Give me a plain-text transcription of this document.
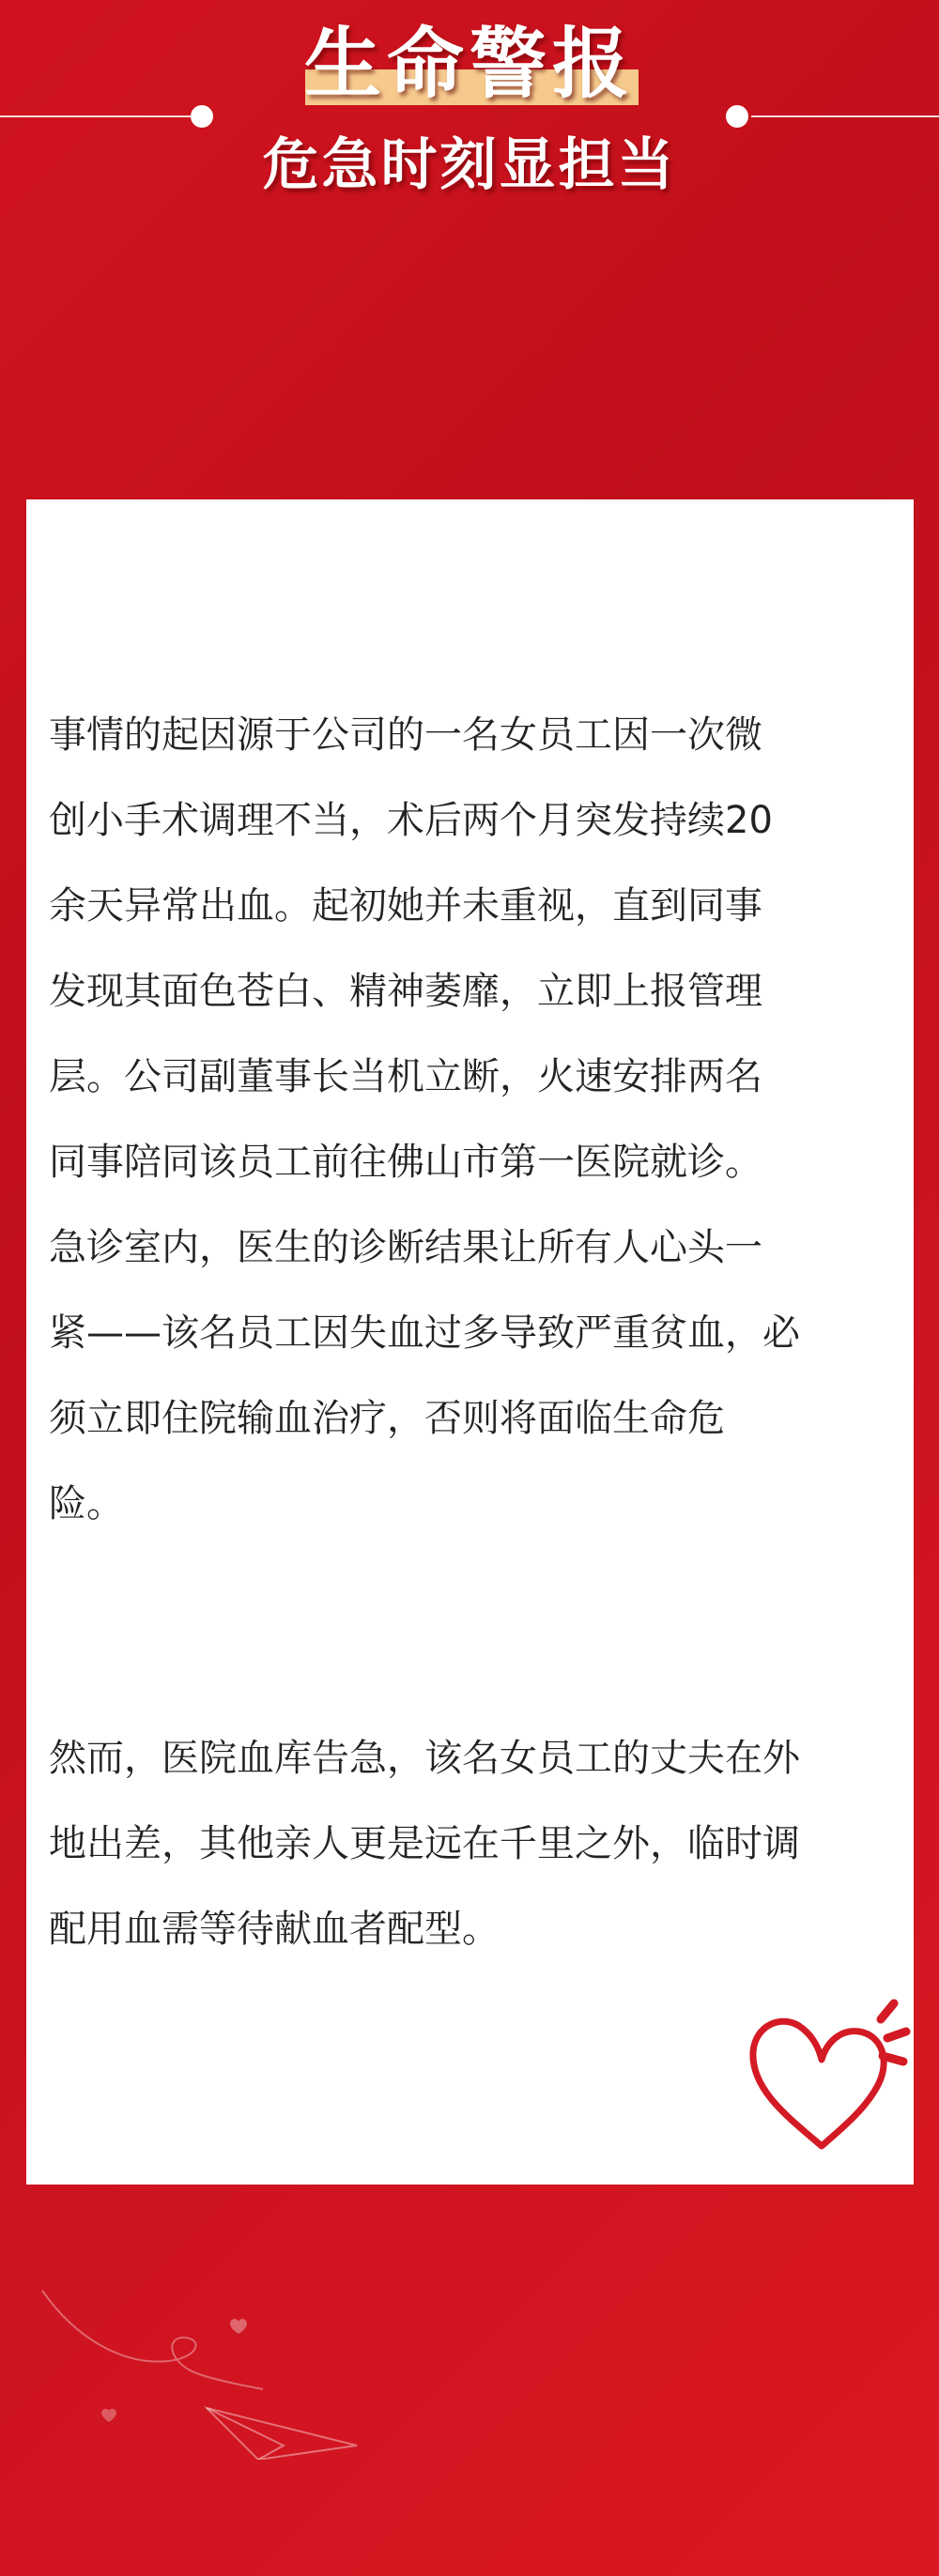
生命警报
危急时刻显担当

事情的起因源于公司的一名女员工因一次微
创小手术调理不当，术后两个月突发持续20
余天异常出血。起初她并未重视，直到同事
发现其面色苍白、精神萎靡，立即上报管理
层。公司副董事长当机立断，火速安排两名
同事陪同该员工前往佛山市第一医院就诊。
急诊室内，医生的诊断结果让所有人心头一
紧——该名员工因失血过多导致严重贫血，必
须立即住院输血治疗，否则将面临生命危
险。

然而，医院血库告急，该名女员工的丈夫在外
地出差，其他亲人更是远在千里之外，临时调
配用血需等待献血者配型。
